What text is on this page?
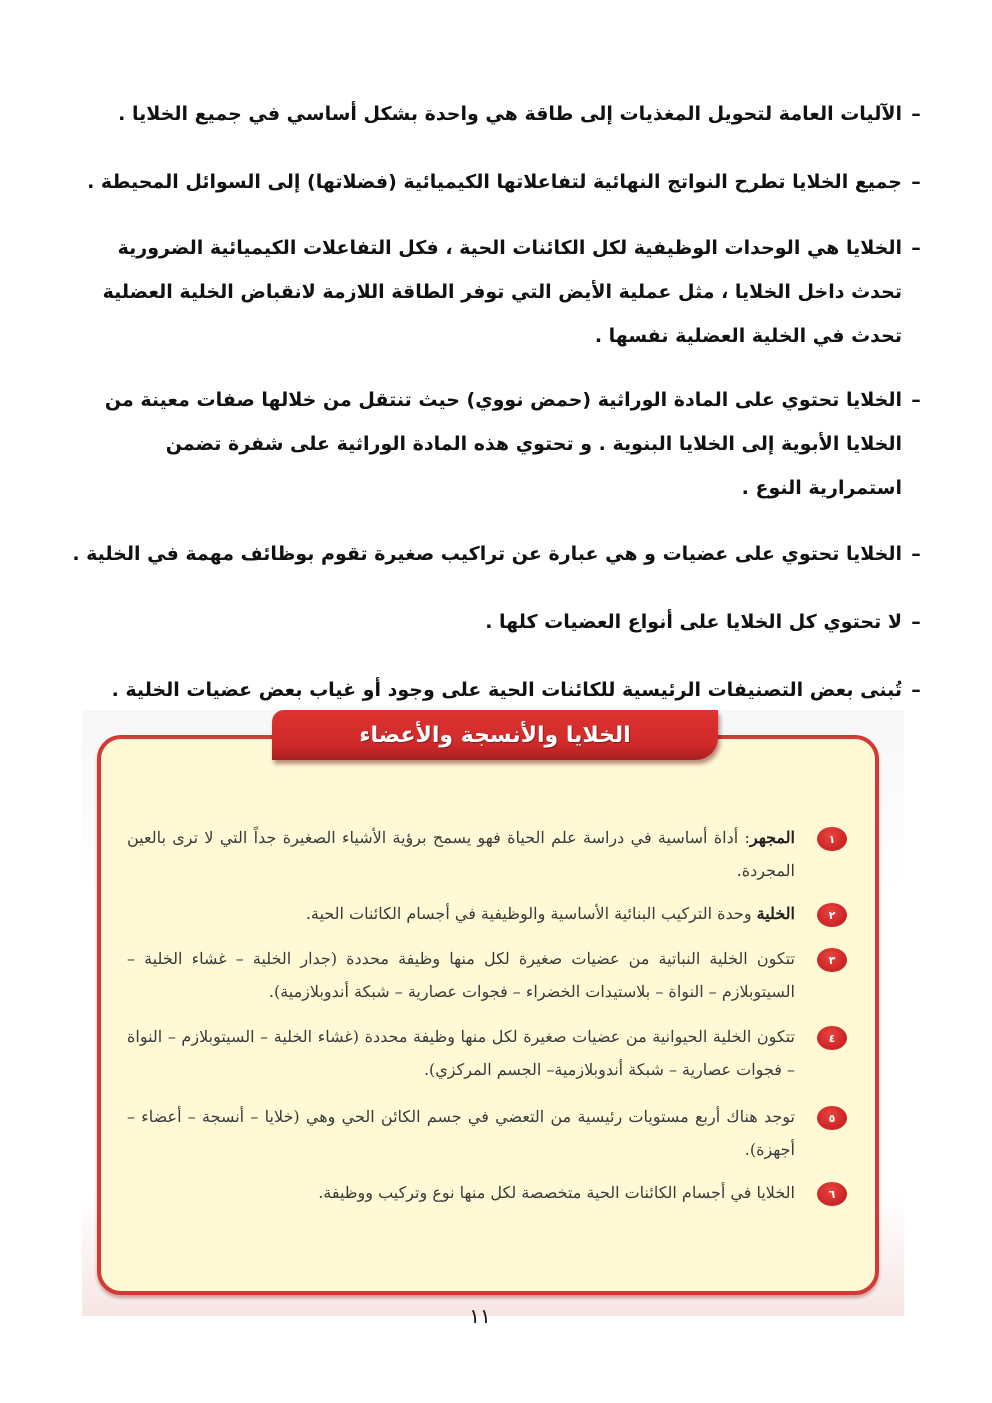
–
الآليات العامة لتحويل المغذيات إلى طاقة هي واحدة بشكل أساسي في جميع الخلايا .
–
جميع الخلايا تطرح النواتج النهائية لتفاعلاتها الكيميائية (فضلاتها) إلى السوائل المحيطة .
–
الخلايا هي الوحدات الوظيفية لكل الكائنات الحية ، فكل التفاعلات الكيميائية الضرورية تحدث داخل الخلايا ، مثل عملية الأيض التي توفر الطاقة اللازمة لانقباض الخلية العضلية تحدث في الخلية العضلية نفسها .
–
الخلايا تحتوي على المادة الوراثية (حمض نووي) حيث تنتقل من خلالها صفات معينة من الخلايا الأبوية إلى الخلايا البنوية . و تحتوي هذه المادة الوراثية على شفرة تضمن استمرارية النوع .
–
الخلايا تحتوي على عضيات و هي عبارة عن تراكيب صغيرة تقوم بوظائف مهمة في الخلية .
–
لا تحتوي كل الخلايا على أنواع العضيات كلها .
–
تُبنى بعض التصنيفات الرئيسية للكائنات الحية على وجود أو غياب بعض عضيات الخلية .
١
المجهر: أداة أساسية في دراسة علم الحياة فهو يسمح برؤية الأشياء الصغيرة جداً التي لا ترى بالعين المجردة.
٢
الخلية وحدة التركيب البنائية الأساسية والوظيفية في أجسام الكائنات الحية.
٣
تتكون الخلية النباتية من عضيات صغيرة لكل منها وظيفة محددة (جدار الخلية – غشاء الخلية – السيتوبلازم – النواة – بلاستيدات الخضراء – فجوات عصارية – شبكة أندوبلازمية).
٤
تتكون الخلية الحيوانية من عضيات صغيرة لكل منها وظيفة محددة (غشاء الخلية – السيتوبلازم – النواة – فجوات عصارية – شبكة أندوبلازمية– الجسم المركزي).
٥
توجد هناك أربع مستويات رئيسية من التعضي في جسم الكائن الحي وهي (خلايا – أنسجة – أعضاء – أجهزة).
٦
الخلايا في أجسام الكائنات الحية متخصصة لكل منها نوع وتركيب ووظيفة.
الخلايا والأنسجة والأعضاء
١١
